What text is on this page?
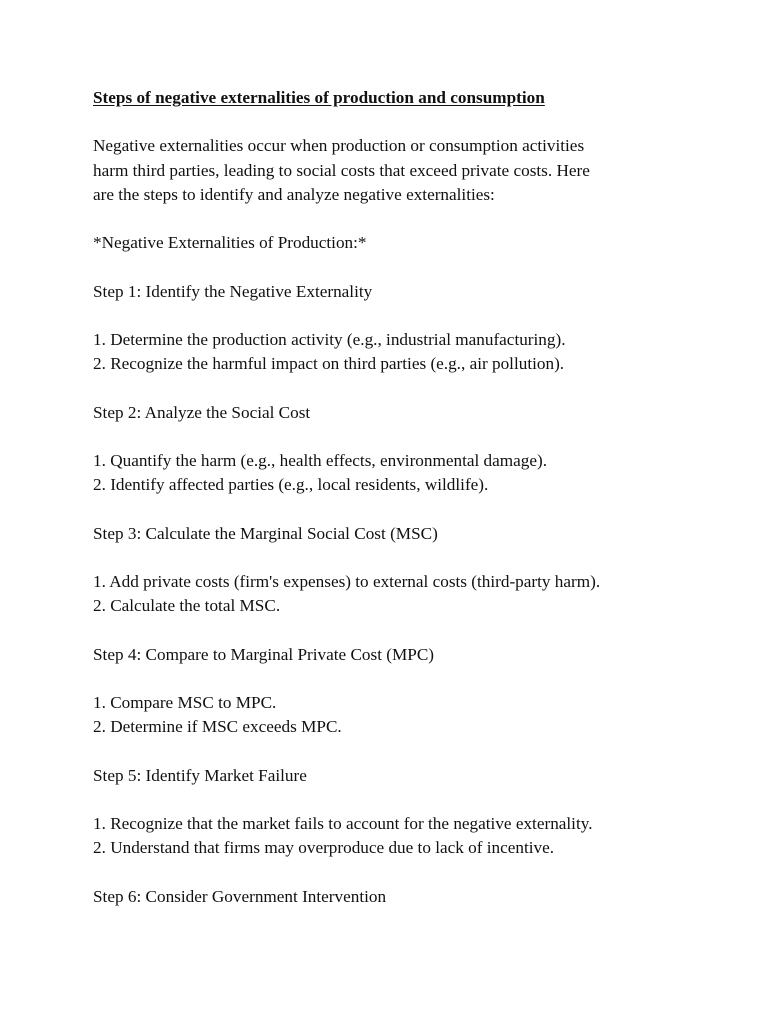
Steps of negative externalities of production and consumption

Negative externalities occur when production or consumption activities

harm third parties, leading to social costs that exceed private costs. Here

are the steps to identify and analyze negative externalities:

*Negative Externalities of Production:*

Step 1: Identify the Negative Externality

1. Determine the production activity (e.g., industrial manufacturing).

2. Recognize the harmful impact on third parties (e.g., air pollution).

Step 2: Analyze the Social Cost

1. Quantify the harm (e.g., health effects, environmental damage).

2. Identify affected parties (e.g., local residents, wildlife).

Step 3: Calculate the Marginal Social Cost (MSC)

1. Add private costs (firm's expenses) to external costs (third-party harm).

2. Calculate the total MSC.

Step 4: Compare to Marginal Private Cost (MPC)

1. Compare MSC to MPC.

2. Determine if MSC exceeds MPC.

Step 5: Identify Market Failure

1. Recognize that the market fails to account for the negative externality.

2. Understand that firms may overproduce due to lack of incentive.

Step 6: Consider Government Intervention
